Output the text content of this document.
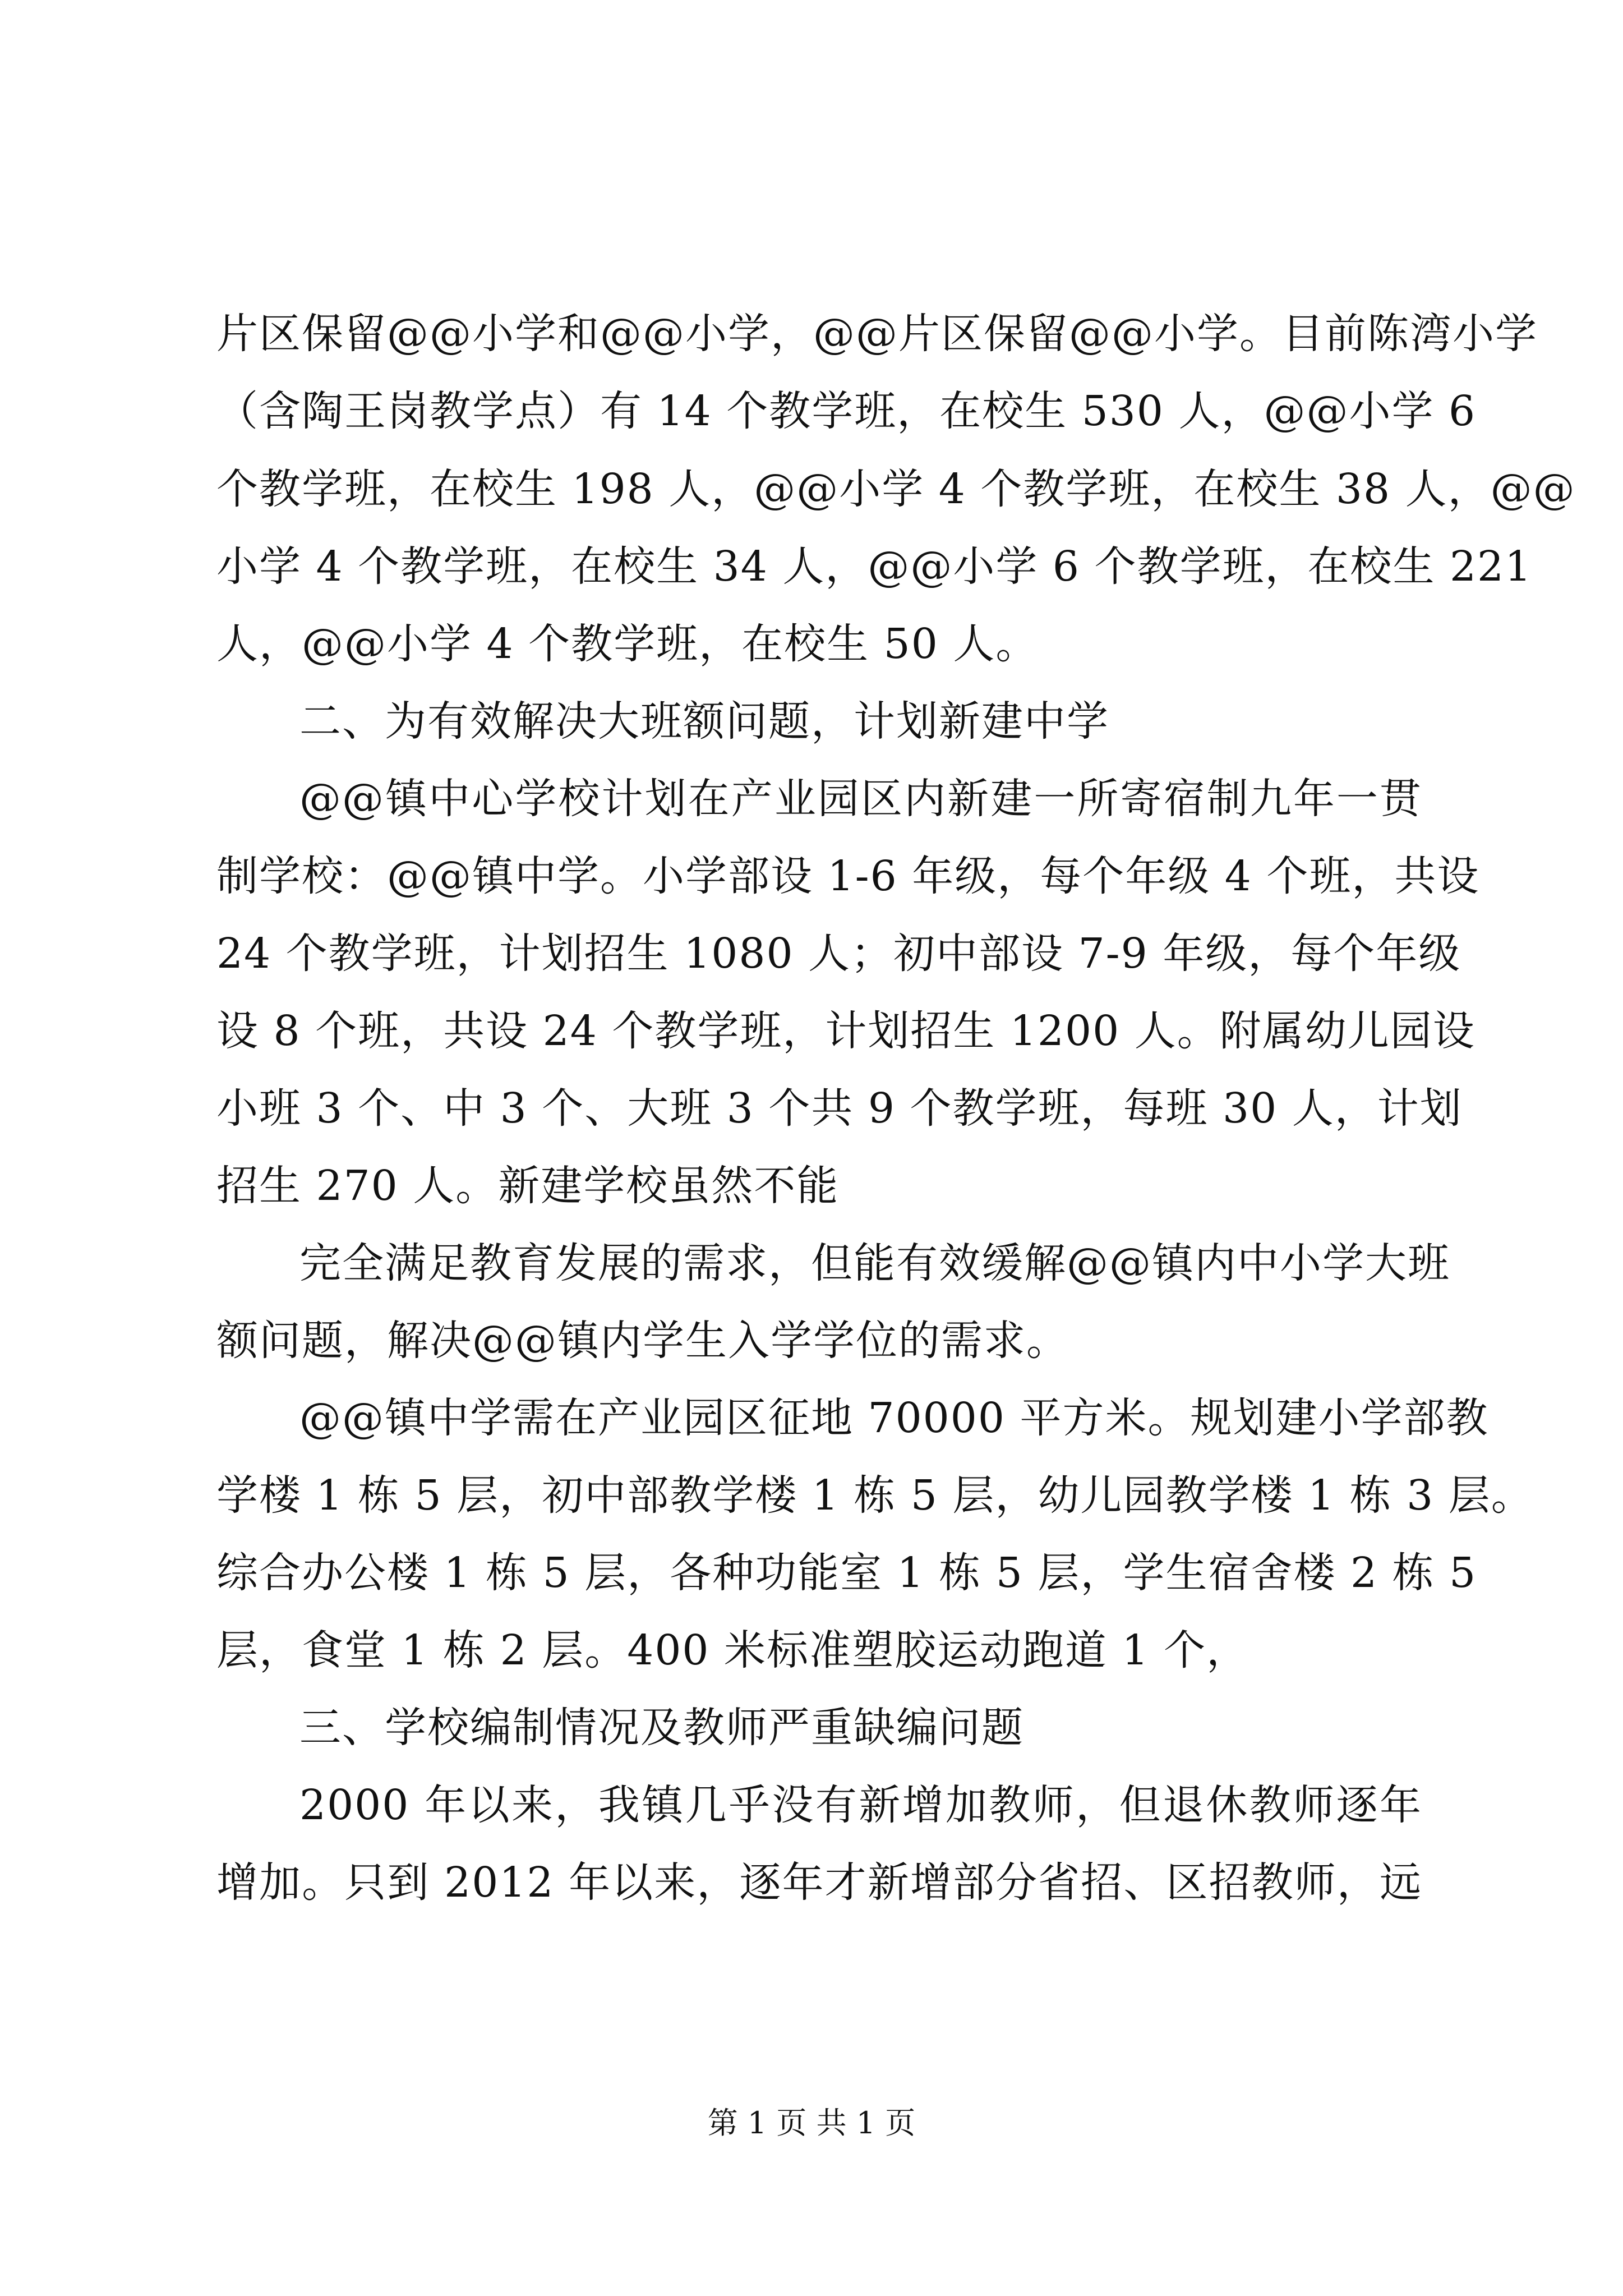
片区保留@@小学和@@小学，@@片区保留@@小学。目前陈湾小学
（含陶王岗教学点）有 14 个教学班，在校生 530 人，@@小学 6
个教学班，在校生 198 人，@@小学 4 个教学班，在校生 38 人，@@
小学 4 个教学班，在校生 34 人，@@小学 6 个教学班，在校生 221
人，@@小学 4 个教学班，在校生 50 人。
二、为有效解决大班额问题，计划新建中学
@@镇中心学校计划在产业园区内新建一所寄宿制九年一贯
制学校：@@镇中学。小学部设 1-6 年级，每个年级 4 个班，共设
24 个教学班，计划招生 1080 人；初中部设 7-9 年级，每个年级
设 8 个班，共设 24 个教学班，计划招生 1200 人。附属幼儿园设
小班 3 个、中 3 个、大班 3 个共 9 个教学班，每班 30 人，计划
招生 270 人。新建学校虽然不能
完全满足教育发展的需求，但能有效缓解@@镇内中小学大班
额问题，解决@@镇内学生入学学位的需求。
@@镇中学需在产业园区征地 70000 平方米。规划建小学部教
学楼 1 栋 5 层，初中部教学楼 1 栋 5 层，幼儿园教学楼 1 栋 3 层。
综合办公楼 1 栋 5 层，各种功能室 1 栋 5 层，学生宿舍楼 2 栋 5
层，食堂 1 栋 2 层。400 米标准塑胶运动跑道 1 个，
三、学校编制情况及教师严重缺编问题
2000 年以来，我镇几乎没有新增加教师，但退休教师逐年
增加。只到 2012 年以来，逐年才新增部分省招、区招教师，远
第 1 页 共 1 页
